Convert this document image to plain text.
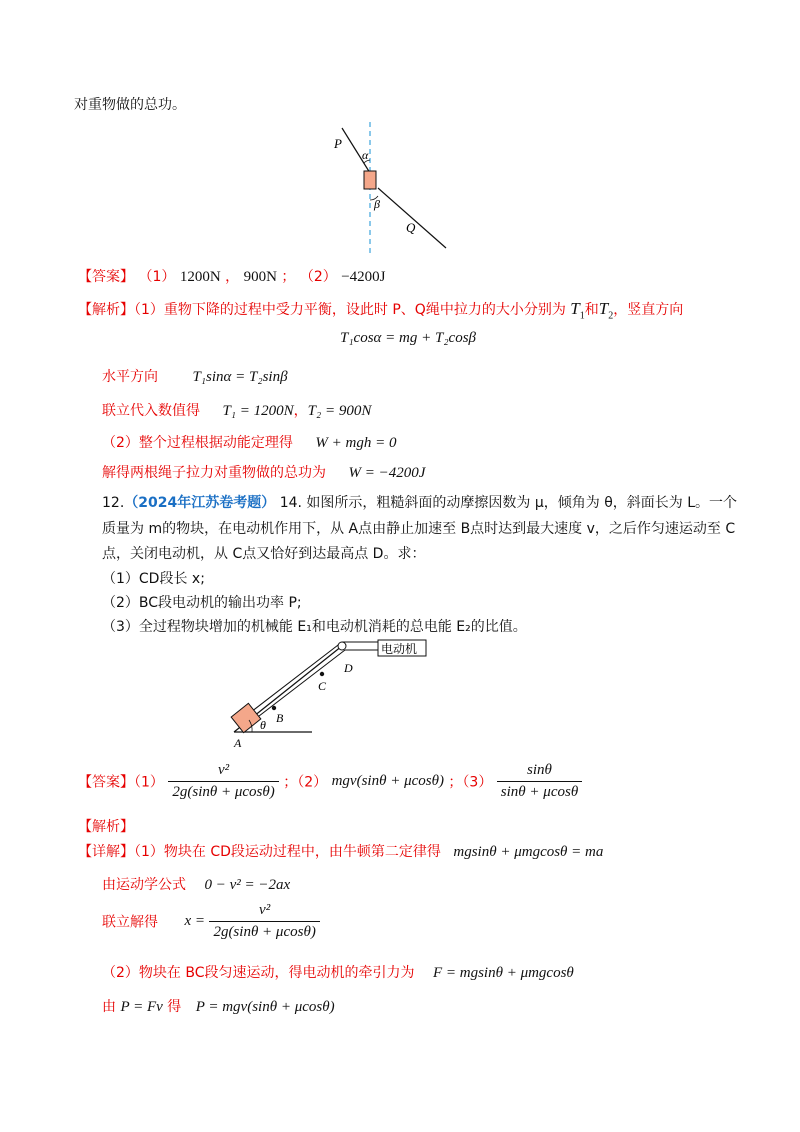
对重物做的总功。
P
α
β
Q
【答案】 （1） 1200N ， 900N ； （2） −4200J
【解析】（1）重物下降的过程中受力平衡，设此时 P、Q绳中拉力的大小分别为 $T_1$和$T_2$，竖直方向
T₁cosα = mg + T₂cosβ
水平方向 T₁sinα = T₂sinβ
联立代入数值得 T₁ = 1200N，T₂ = 900N
（2）整个过程根据动能定理得 W + mgh = 0
解得两根绳子拉力对重物做的总功为 W = −4200J
12.（2024年江苏卷考题） 14. 如图所示，粗糙斜面的动摩擦因数为 μ，倾角为 θ，斜面长为 L。一个
质量为 m的物块，在电动机作用下，从 A点由静止加速至 B点时达到最大速度 v，之后作匀速运动至 C
点，关闭电动机，从 C点又恰好到达最高点 D。求：
（1）CD段长 x;
（2）BC段电动机的输出功率 P;
（3）全过程物块增加的机械能 E₁和电动机消耗的总电能 E₂的比值。
电动机
A
B
C
D
θ
【答案】$(1) \frac{\text{v²}}{2g(\sin\theta + \mu\cos\theta)}$ ；（2） mgv(sinθ + μcosθ) ；$(3) \frac{\sin\theta}{\sin\theta + \mu\cos\theta}$
【解析】
【详解】（1）物块在 CD段运动过程中，由牛顿第二定律得 mgsinθ + μmgcosθ = ma
由运动学公式 0 − v² = −2ax
联立解得 $x = \frac{\text{v²}}{2g(\sin\theta + \mu\cos\theta)}$
（2）物块在 BC段匀速运动，得电动机的牵引力为 F = mgsinθ + μmgcosθ
由 P = Fv 得 P = mgv(sinθ + μcosθ)
